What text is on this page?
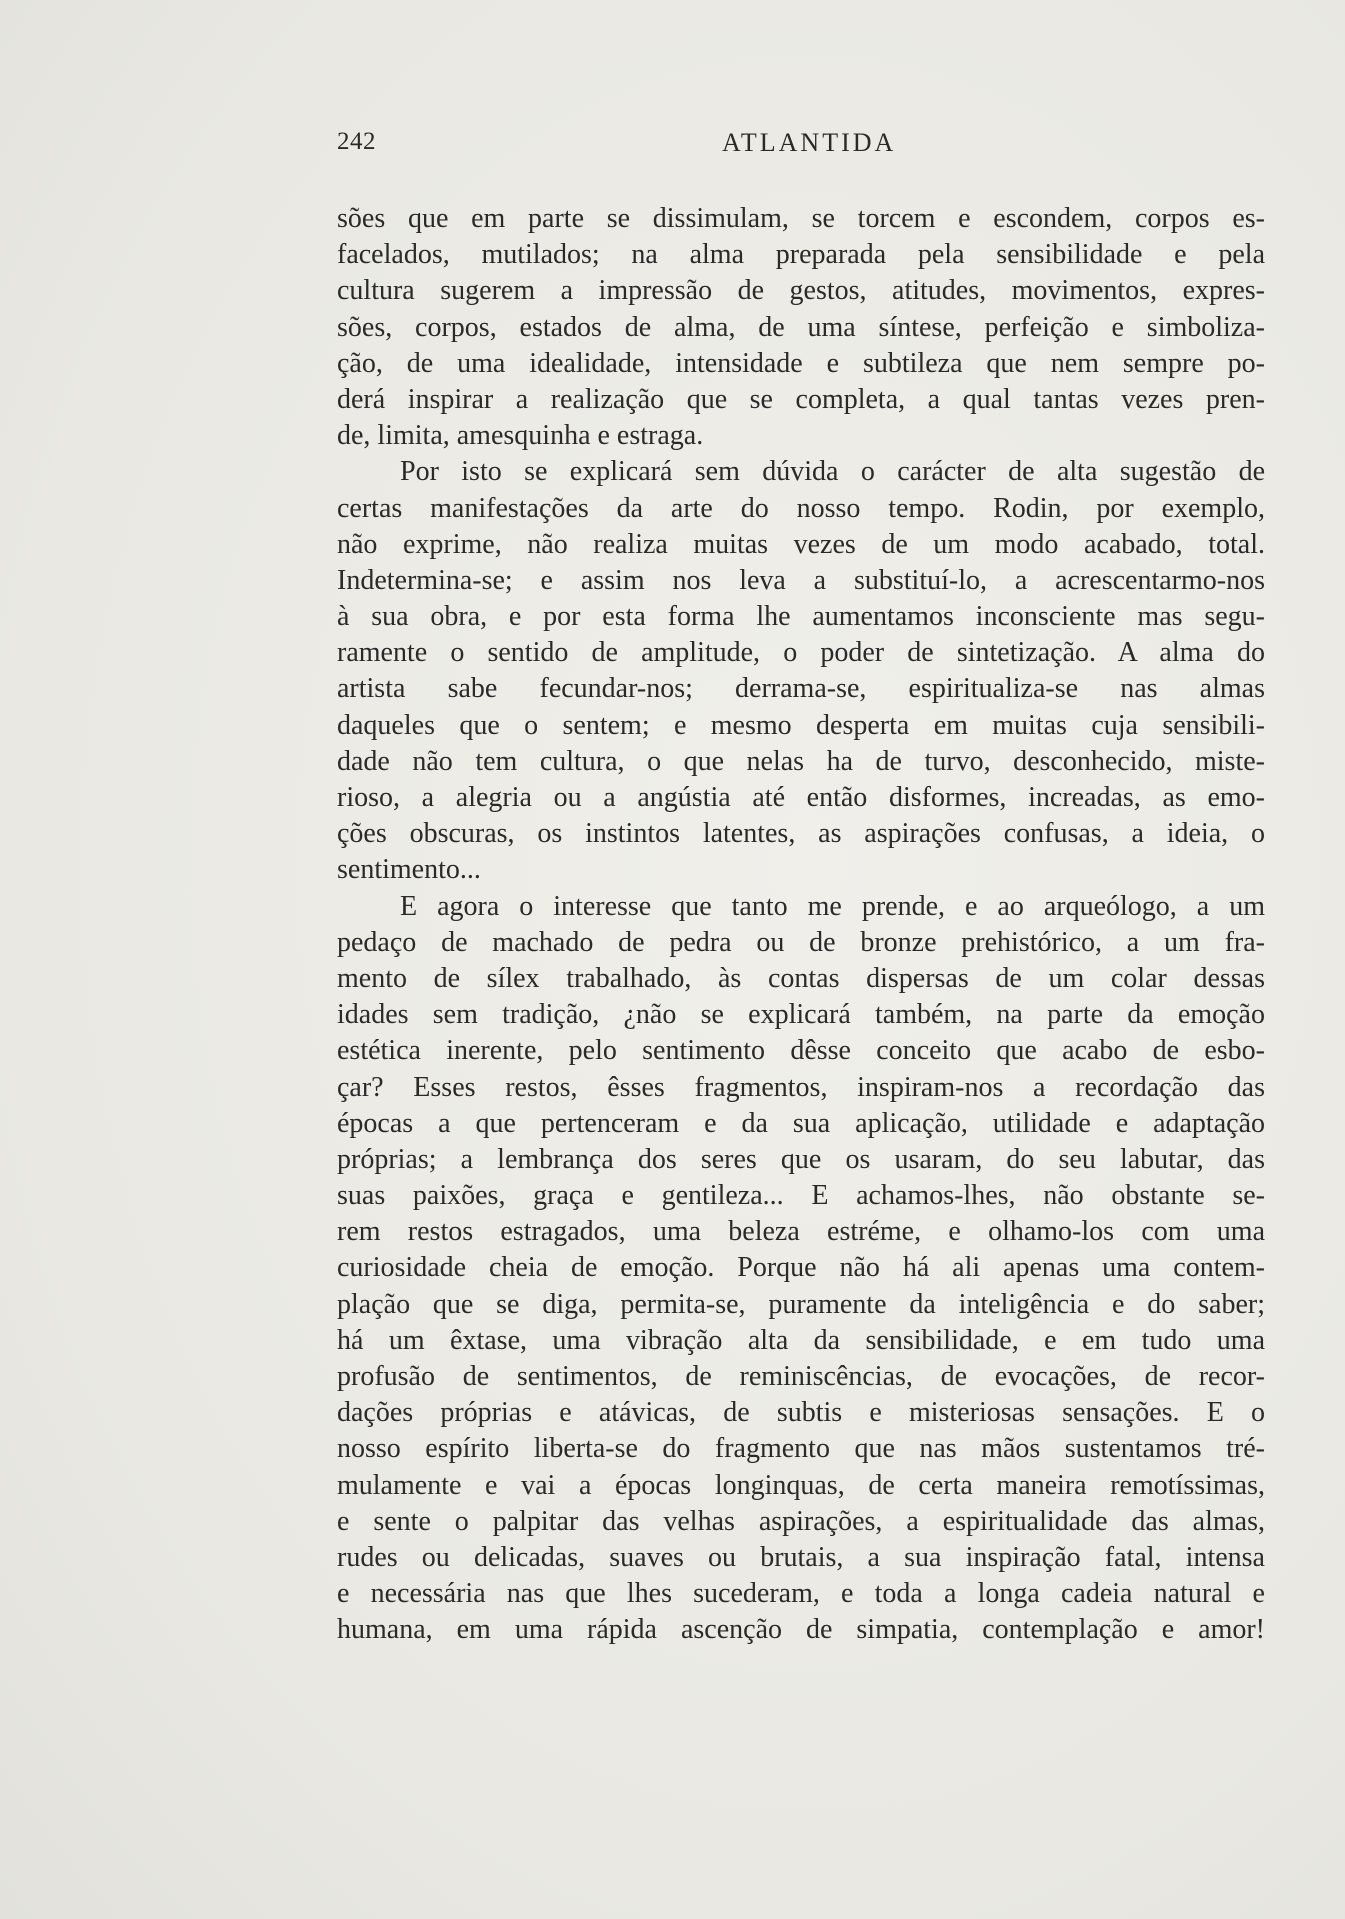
242	ATLANTIDA
sões que em parte se dissimulam, se torcem e escondem, corpos es-
facelados, mutilados; na alma preparada pela sensibilidade e pela
cultura sugerem a impressão de gestos, atitudes, movimentos, expres-
sões, corpos, estados de alma, de uma síntese, perfeição e simboliza-
ção, de uma idealidade, intensidade e subtileza que nem sempre po-
derá inspirar a realização que se completa, a qual tantas vezes pren-
de, limita, amesquinha e estraga.
Por isto se explicará sem dúvida o carácter de alta sugestão de
certas manifestações da arte do nosso tempo. Rodin, por exemplo,
não exprime, não realiza muitas vezes de um modo acabado, total.
Indetermina-se; e assim nos leva a substituí-lo, a acrescentarmo-nos
à sua obra, e por esta forma lhe aumentamos inconsciente mas segu-
ramente o sentido de amplitude, o poder de sintetização. A alma do
artista sabe fecundar-nos; derrama-se, espiritualiza-se nas almas
daqueles que o sentem; e mesmo desperta em muitas cuja sensibili-
dade não tem cultura, o que nelas ha de turvo, desconhecido, miste-
rioso, a alegria ou a angústia até então disformes, increadas, as emo-
ções obscuras, os instintos latentes, as aspirações confusas, a ideia, o
sentimento...
E agora o interesse que tanto me prende, e ao arqueólogo, a um
pedaço de machado de pedra ou de bronze prehistórico, a um fra-
mento de sílex trabalhado, às contas dispersas de um colar dessas
idades sem tradição, ¿não se explicará também, na parte da emoção
estética inerente, pelo sentimento dêsse conceito que acabo de esbo-
çar? Esses restos, êsses fragmentos, inspiram-nos a recordação das
épocas a que pertenceram e da sua aplicação, utilidade e adaptação
próprias; a lembrança dos seres que os usaram, do seu labutar, das
suas paixões, graça e gentileza... E achamos-lhes, não obstante se-
rem restos estragados, uma beleza estréme, e olhamo-los com uma
curiosidade cheia de emoção. Porque não há ali apenas uma contem-
plação que se diga, permita-se, puramente da inteligência e do saber;
há um êxtase, uma vibração alta da sensibilidade, e em tudo uma
profusão de sentimentos, de reminiscências, de evocações, de recor-
dações próprias e atávicas, de subtis e misteriosas sensações. E o
nosso espírito liberta-se do fragmento que nas mãos sustentamos tré-
mulamente e vai a épocas longinquas, de certa maneira remotíssimas,
e sente o palpitar das velhas aspirações, a espiritualidade das almas,
rudes ou delicadas, suaves ou brutais, a sua inspiração fatal, intensa
e necessária nas que lhes sucederam, e toda a longa cadeia natural e
humana, em uma rápida ascenção de simpatia, contemplação e amor!
